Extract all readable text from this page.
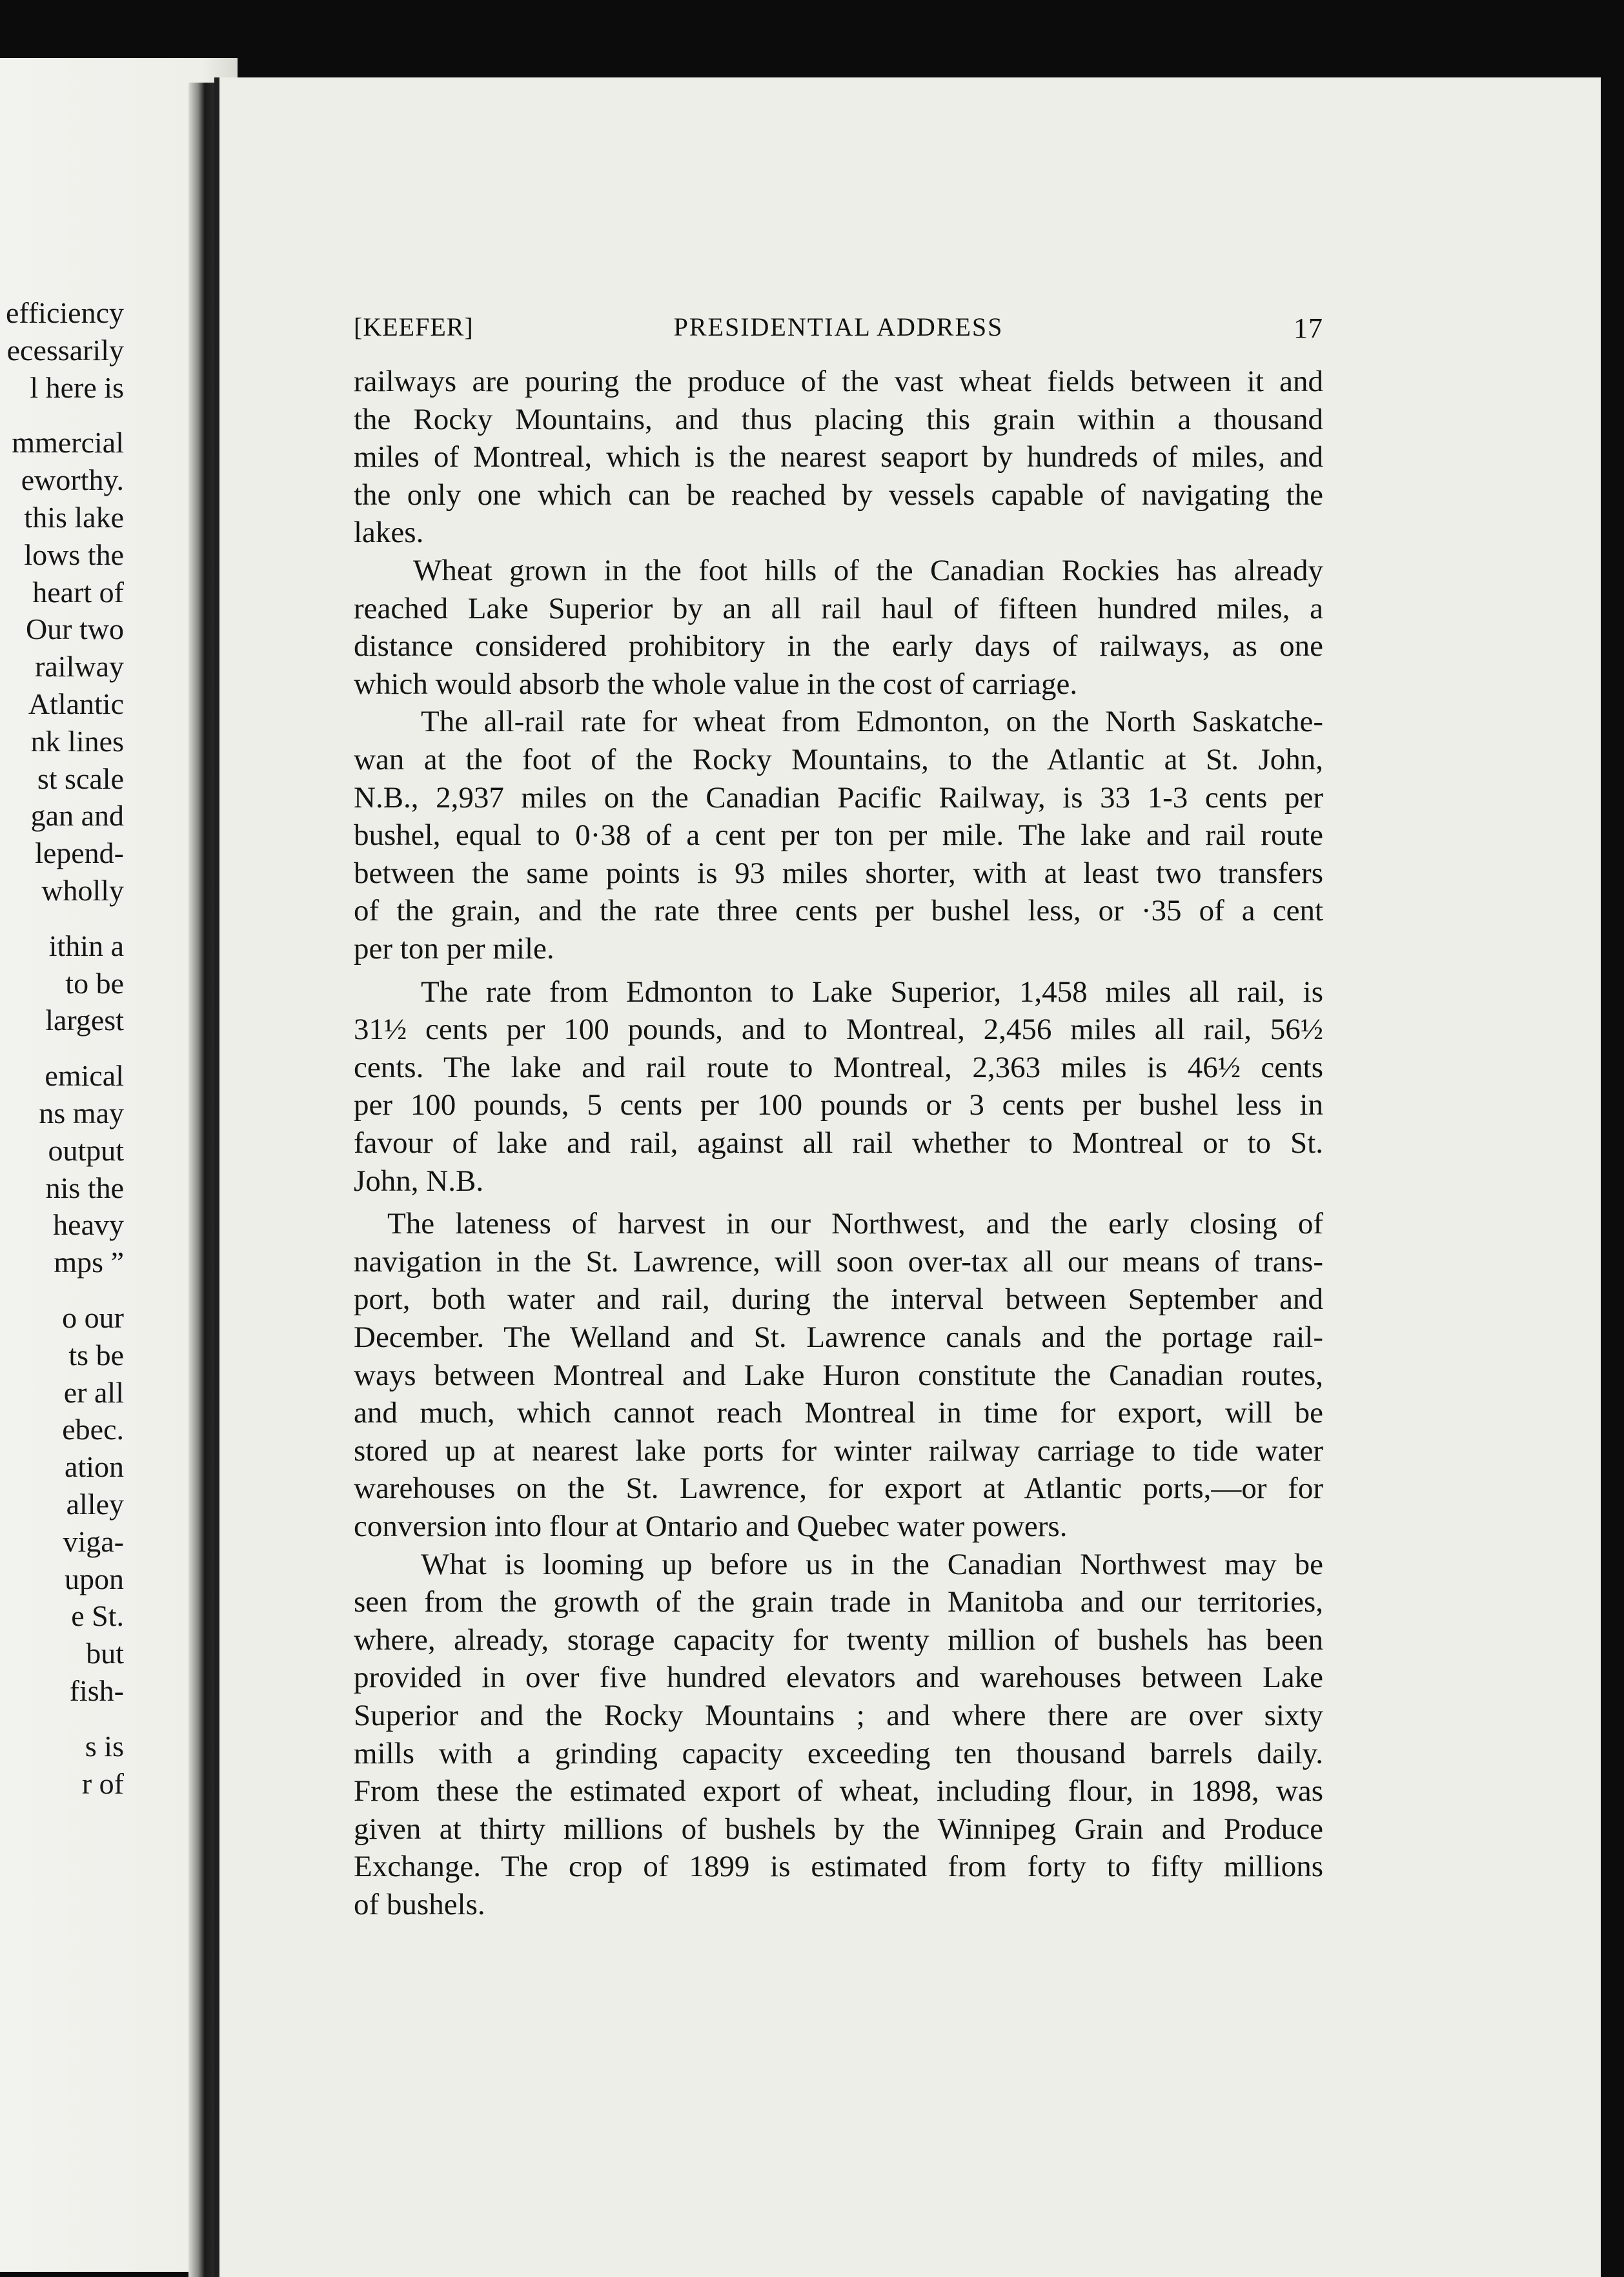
efficiency
ecessarily
l here is
mmercial
eworthy.
this lake
lows the
heart of
Our two
railway
Atlantic
nk lines
st scale
gan and
lepend-
wholly
ithin a
to be
largest
emical
ns may
output
nis the
heavy
mps ”
o our
ts be
er all
ebec.
ation
alley
viga-
upon
e St.
but
fish-
s is
r of
[KEEFER]	PRESIDENTIAL ADDRESS	17
railways are pouring the produce of the vast wheat fields between it and
the Rocky Mountains, and thus placing this grain within a thousand
miles of Montreal, which is the nearest seaport by hundreds of miles, and
the only one which can be reached by vessels capable of navigating the
lakes.
Wheat grown in the foot hills of the Canadian Rockies has already
reached Lake Superior by an all rail haul of fifteen hundred miles, a
distance considered prohibitory in the early days of railways, as one
which would absorb the whole value in the cost of carriage.
The all-rail rate for wheat from Edmonton, on the North Saskatche-
wan at the foot of the Rocky Mountains, to the Atlantic at St. John,
N.B., 2,937 miles on the Canadian Pacific Railway, is 33 1-3 cents per
bushel, equal to 0·38 of a cent per ton per mile. The lake and rail route
between the same points is 93 miles shorter, with at least two transfers
of the grain, and the rate three cents per bushel less, or ·35 of a cent
per ton per mile.
The rate from Edmonton to Lake Superior, 1,458 miles all rail, is
31½ cents per 100 pounds, and to Montreal, 2,456 miles all rail, 56½
cents. The lake and rail route to Montreal, 2,363 miles is 46½ cents
per 100 pounds, 5 cents per 100 pounds or 3 cents per bushel less in
favour of lake and rail, against all rail whether to Montreal or to St.
John, N.B.
The lateness of harvest in our Northwest, and the early closing of
navigation in the St. Lawrence, will soon over-tax all our means of trans-
port, both water and rail, during the interval between September and
December. The Welland and St. Lawrence canals and the portage rail-
ways between Montreal and Lake Huron constitute the Canadian routes,
and much, which cannot reach Montreal in time for export, will be
stored up at nearest lake ports for winter railway carriage to tide water
warehouses on the St. Lawrence, for export at Atlantic ports,—or for
conversion into flour at Ontario and Quebec water powers.
What is looming up before us in the Canadian Northwest may be
seen from the growth of the grain trade in Manitoba and our territories,
where, already, storage capacity for twenty million of bushels has been
provided in over five hundred elevators and warehouses between Lake
Superior and the Rocky Mountains ; and where there are over sixty
mills with a grinding capacity exceeding ten thousand barrels daily.
From these the estimated export of wheat, including flour, in 1898, was
given at thirty millions of bushels by the Winnipeg Grain and Produce
Exchange. The crop of 1899 is estimated from forty to fifty millions
of bushels.
